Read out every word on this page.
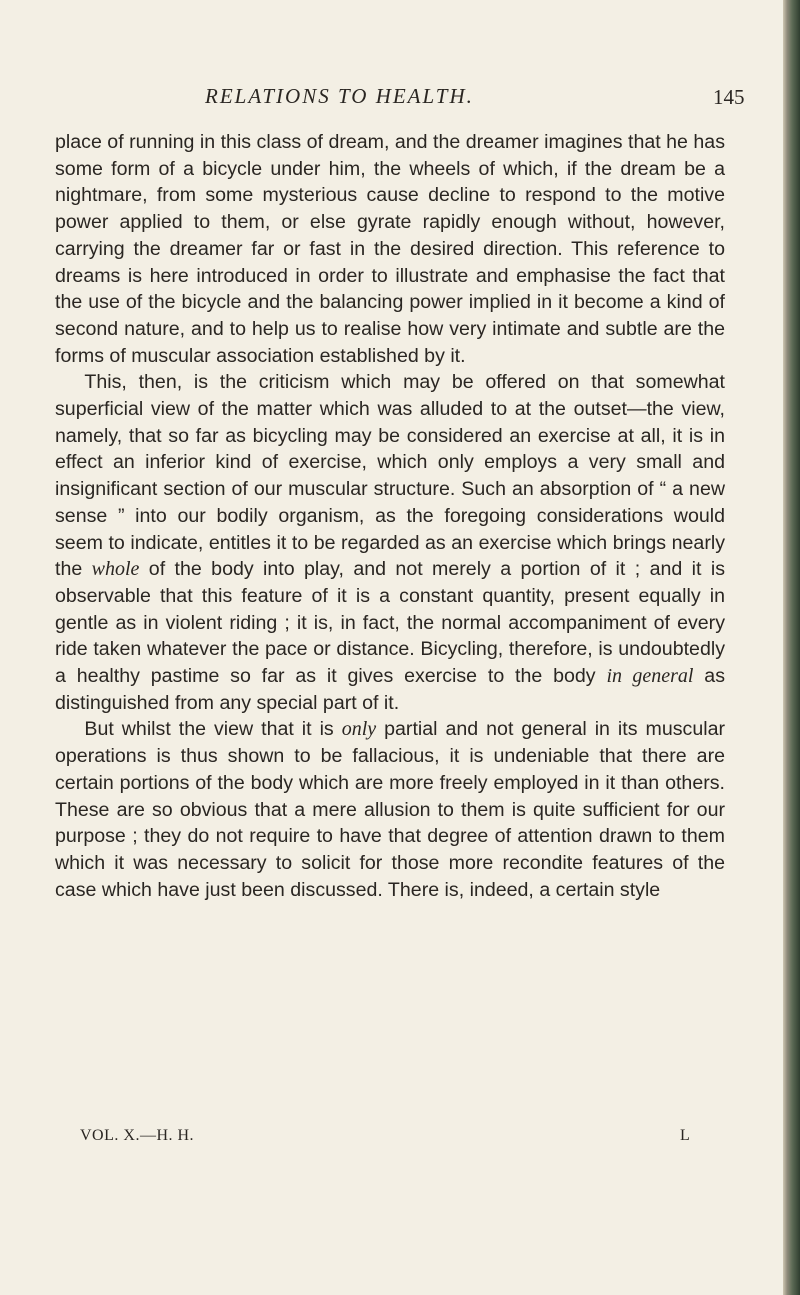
RELATIONS TO HEALTH.	145

place of running in this class of dream, and the dreamer imagines that he has some form of a bicycle under him, the wheels of which, if the dream be a nightmare, from some mysterious cause decline to respond to the motive power applied to them, or else gyrate rapidly enough without, however, carrying the dreamer far or fast in the desired direction. This reference to dreams is here introduced in order to illustrate and emphasise the fact that the use of the bicycle and the balancing power implied in it become a kind of second nature, and to help us to realise how very intimate and subtle are the forms of muscular association established by it.

This, then, is the criticism which may be offered on that somewhat superficial view of the matter which was alluded to at the outset—the view, namely, that so far as bicycling may be considered an exercise at all, it is in effect an inferior kind of exercise, which only employs a very small and insignificant section of our muscular structure. Such an absorption of “ a new sense ” into our bodily organism, as the foregoing considerations would seem to indicate, entitles it to be regarded as an exercise which brings nearly the whole of the body into play, and not merely a portion of it ; and it is observable that this feature of it is a constant quantity, present equally in gentle as in violent riding ; it is, in fact, the normal accompaniment of every ride taken whatever the pace or distance. Bicycling, therefore, is undoubtedly a healthy pastime so far as it gives exercise to the body in general as distinguished from any special part of it.

But whilst the view that it is only partial and not general in its muscular operations is thus shown to be fallacious, it is undeniable that there are certain portions of the body which are more freely employed in it than others. These are so obvious that a mere allusion to them is quite sufficient for our purpose ; they do not require to have that degree of attention drawn to them which it was necessary to solicit for those more recondite features of the case which have just been discussed. There is, indeed, a certain style

VOL. X.—H. H.	L
